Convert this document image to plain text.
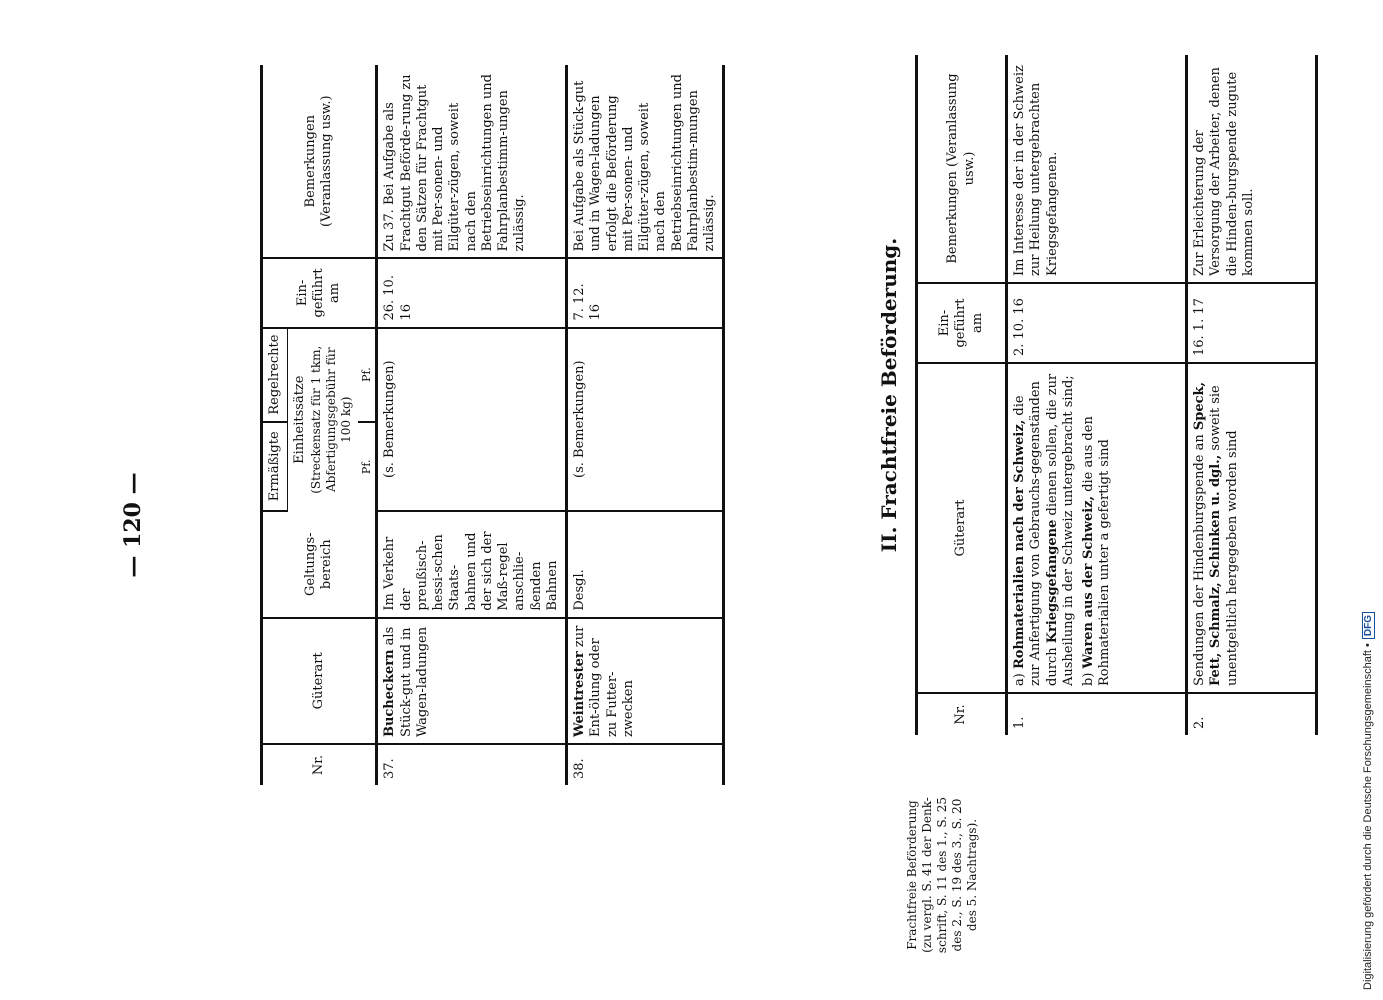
— 120 —
Nr.	Güterart	Geltungs-bereich	Ermäßigte	Regelrechte	Ein-geführt am	Bemerkungen (Veranlassung usw.)

			Einheitssätze (Streckensatz für 1 tkm, Abfertigungsgebühr für 100 kg)			

			Pf.	Pf.		
37.	Bucheckern als Stück-gut und in Wagen-ladungen	Im Verkehr der preußisch-hessi-schen Staats-bahnen und der sich der Maß-regel anschlie-ßenden Bahnen	(s. Bemerkungen)		26. 10. 16	Zu 37. Bei Aufgabe als Frachtgut Beförde-rung zu den Sätzen für Frachtgut mit Per-sonen- und Eilgüter-zügen, soweit nach den Betriebseinrichtungen und Fahrplanbestimm-ungen zulässig.
38.	Weintrester zur Ent-ölung oder zu Futter-zwecken	Desgl.	(s. Bemerkungen)		7. 12. 16	Bei Aufgabe als Stück-gut und in Wagen-ladungen erfolgt die Beförderung mit Per-sonen- und Eilgüter-zügen, soweit nach den Betriebseinrichtungen und Fahrplanbestim-mungen zulässig.
II. Frachtfreie Beförderung.
Frachtfreie Beförderung (zu vergl. S. 41 der Denk-schrift, S. 11 des 1., S. 25 des 2., S. 19 des 3., S. 20 des 5. Nachtrags).
Nr.	Güterart	Ein-geführt am	Bemerkungen (Veranlassung usw.)
1.	a) Rohmaterialien nach der Schweiz, die zur Anfertigung von Gebrauchs-gegenständen durch Kriegsgefangene dienen sollen, die zur Ausheilung in der Schweiz untergebracht sind; b) Waren aus der Schweiz, die aus den Rohmaterialien unter a gefertigt sind	2. 10. 16	Im Interesse der in der Schweiz zur Heilung untergebrachten Kriegsgefangenen.
2.	Sendungen der Hindenburgspende an Speck, Fett, Schmalz, Schinken u. dgl., soweit sie unentgeltlich hergegeben worden sind	16. 1. 17	Zur Erleichterung der Versorgung der Arbeiter, denen die Hinden-burgspende zugute kommen soll.
Digitalisierung gefördert durch die Deutsche Forschungsgemeinschaft •DFG
